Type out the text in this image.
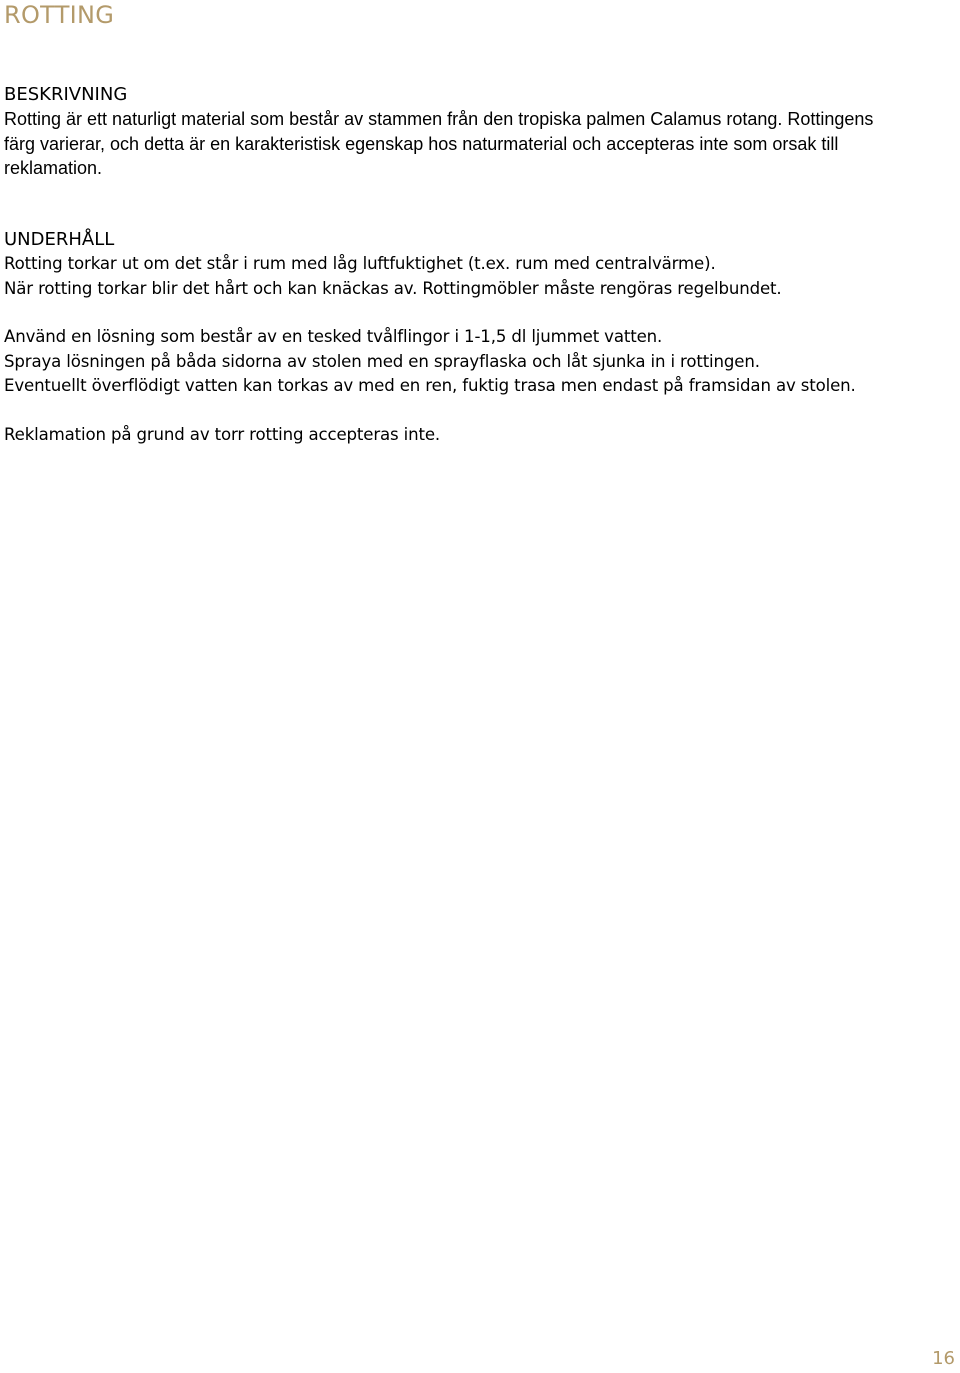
ROTTING

BESKRIVNING

Rotting är ett naturligt material som består av stammen från den tropiska palmen Calamus rotang. Rottingens

färg varierar, och detta är en karakteristisk egenskap hos naturmaterial och accepteras inte som orsak till

reklamation.

UNDERHÅLL

Rotting torkar ut om det står i rum med låg luftfuktighet (t.ex. rum med centralvärme).

När rotting torkar blir det hårt och kan knäckas av. Rottingmöbler måste rengöras regelbundet.

Använd en lösning som består av en tesked tvålflingor i 1-1,5 dl ljummet vatten.

Spraya lösningen på båda sidorna av stolen med en sprayflaska och låt sjunka in i rottingen.

Eventuellt överflödigt vatten kan torkas av med en ren, fuktig trasa men endast på framsidan av stolen.

Reklamation på grund av torr rotting accepteras inte.

16
